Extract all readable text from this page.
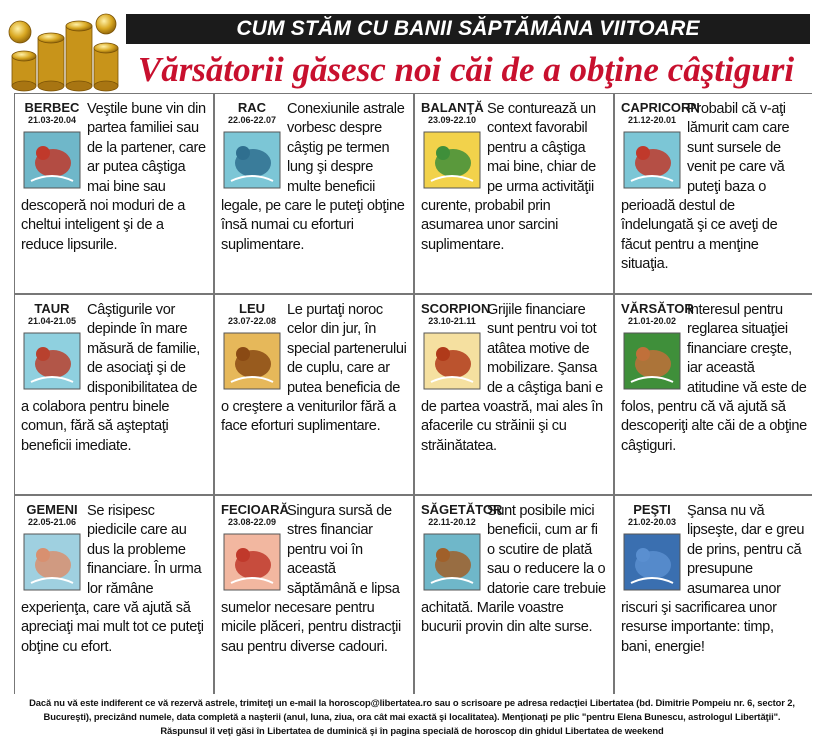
CUM STĂM CU BANII SĂPTĂMÂNA VIITOARE
Vărsătorii găsesc noi căi de a obţine câştiguri
BERBEC
21.03-20.04

Veştile bune vin din partea familiei sau de la partener, care ar putea câştiga mai bine sau descoperă noi moduri de a cheltui inteligent şi de a reduce lipsurile.

RAC
22.06-22.07

Conexiunile astrale vorbesc despre câştig pe termen lung şi despre multe beneficii legale, pe care le puteţi obţine însă numai cu eforturi suplimentare.

BALANŢĂ
23.09-22.10

Se conturează un context favorabil pentru a câştiga mai bine, chiar de pe urma activităţii curente, probabil prin asumarea unor sarcini suplimentare.

CAPRICORN
21.12-20.01

Probabil că v-aţi lămurit cam care sunt sursele de venit pe care vă puteţi baza o perioadă destul de îndelungată şi ce aveţi de făcut pentru a menţine situaţia.

TAUR
21.04-21.05

Câştigurile vor depinde în mare măsură de familie, de asociaţi şi de disponibilitatea de a colabora pentru binele comun, fără să aşteptaţi beneficii imediate.

LEU
23.07-22.08

Le purtaţi noroc celor din jur, în special partenerului de cuplu, care ar putea beneficia de o creştere a veniturilor fără a face eforturi suplimentare.

SCORPION
23.10-21.11

Grijile financiare sunt pentru voi tot atâtea motive de mobilizare. Şansa de a câştiga bani e de partea voastră, mai ales în afacerile cu străinii şi cu străinătatea.

VĂRSĂTOR
21.01-20.02

Interesul pentru reglarea situaţiei financiare creşte, iar această atitudine vă este de folos, pentru că vă ajută să descoperiţi alte căi de a obţine câştiguri.

GEMENI
22.05-21.06

Se risipesc piedicile care au dus la probleme financiare. În urma lor rămâne experienţa, care vă ajută să apreciaţi mai mult tot ce puteţi obţine cu efort.

FECIOARĂ
23.08-22.09

Singura sursă de stres financiar pentru voi în această săptămână e lipsa sumelor necesare pentru micile plăceri, pentru distracţii sau pentru diverse cadouri.

SĂGETĂTOR
22.11-20.12

Sunt posibile mici beneficii, cum ar fi o scutire de plată sau o reducere la o datorie care trebuie achitată. Marile voastre bucurii provin din alte surse.

PEŞTI
21.02-20.03

Şansa nu vă lipseşte, dar e greu de prins, pentru că presupune asumarea unor riscuri şi sacrificarea unor resurse importante: timp, bani, energie!

Dacă nu vă este indiferent ce vă rezervă astrele, trimiteţi un e-mail la horoscop@libertatea.ro sau o scrisoare pe adresa redacţiei Libertatea (bd. Dimitrie Pompeiu nr. 6, sector 2, Bucureşti), precizând numele, data completă a naşterii (anul, luna, ziua, ora cât mai exactă şi localitatea). Menţionaţi pe plic "pentru Elena Bunescu, astrologul Libertăţii". Răspunsul îl veţi găsi în Libertatea de duminică şi în pagina specială de horoscop din ghidul Libertatea de weekend
